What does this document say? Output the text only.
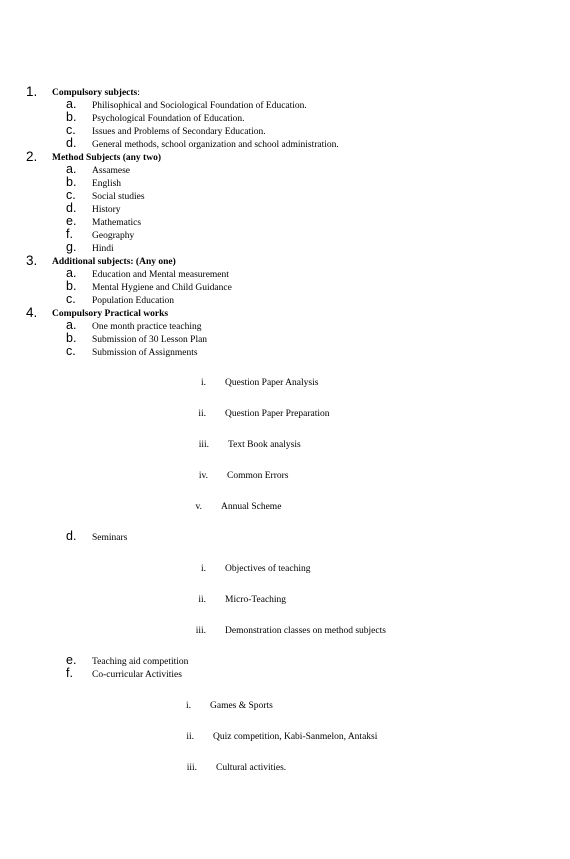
1. Compulsory subjects:
a. Philisophical and Sociological Foundation of Education.
b. Psychological Foundation of Education.
c. Issues and Problems of Secondary Education.
d. General methods, school organization and school administration.
2. Method Subjects (any two)
a. Assamese
b. English
c. Social studies
d. History
e. Mathematics
f. Geography
g. Hindi
3. Additional subjects: (Any one)
a. Education and Mental measurement
b. Mental Hygiene and Child Guidance
c. Population Education
4. Compulsory Practical works
a. One month practice teaching
b. Submission of 30 Lesson Plan
c. Submission of Assignments
i. Question Paper Analysis
ii. Question Paper Preparation
iii. Text Book analysis
iv. Common Errors
v. Annual Scheme
d. Seminars
i. Objectives of teaching
ii. Micro-Teaching
iii. Demonstration classes on method subjects
e. Teaching aid competition
f. Co-curricular Activities
i. Games & Sports
ii. Quiz competition, Kabi-Sanmelon, Antaksi
iii. Cultural activities.
